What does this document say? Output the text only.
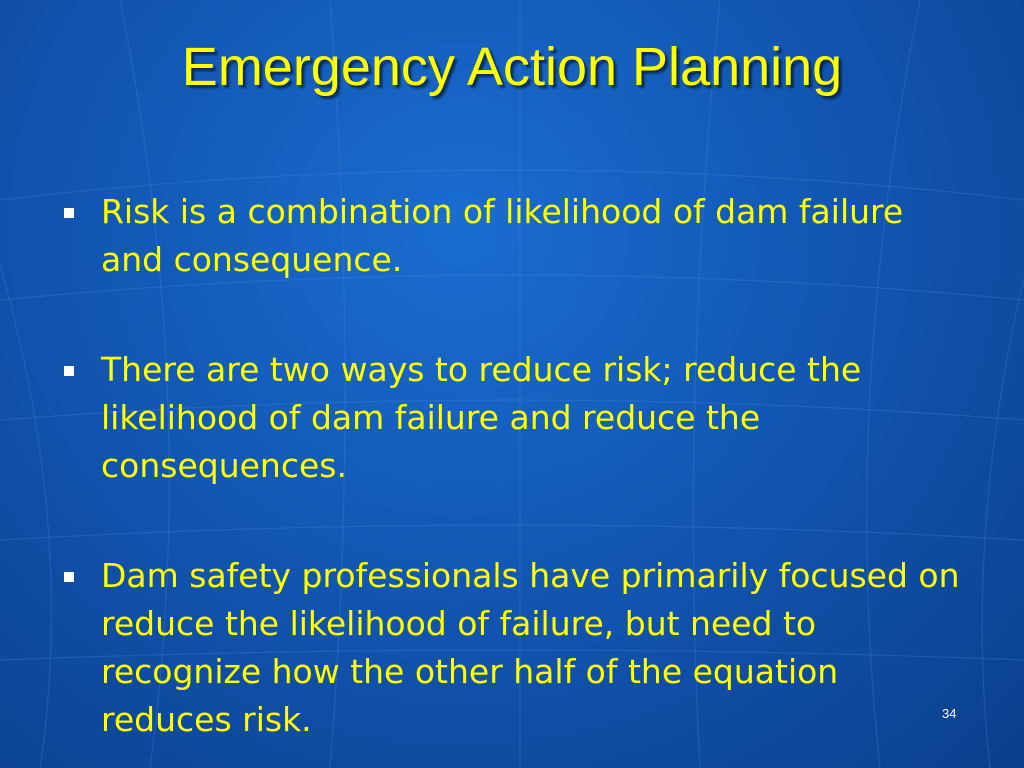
Emergency Action Planning
Risk is a combination of likelihood of dam failure and consequence.
There are two ways to reduce risk; reduce the likelihood of dam failure and reduce the consequences.
Dam safety professionals have primarily focused on reduce the likelihood of failure, but need to recognize how the other half of the equation reduces risk.	34
